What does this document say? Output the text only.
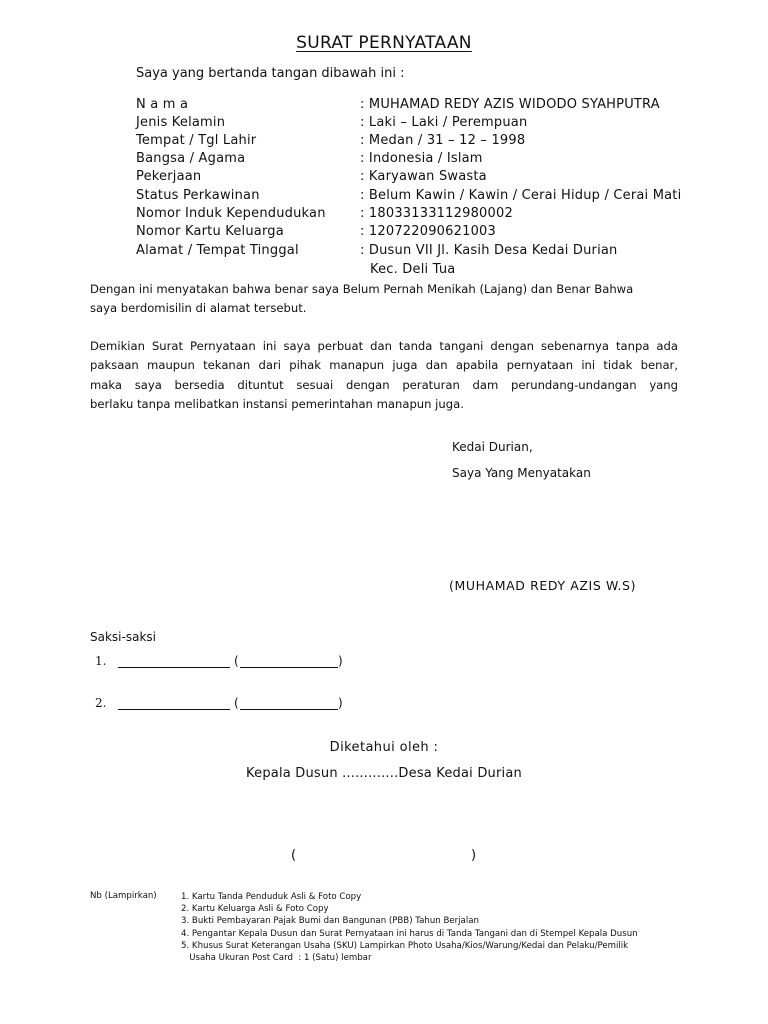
SURAT PERNYATAAN
Saya yang bertanda tangan dibawah ini :
N a m a	: MUHAMAD REDY AZIS WIDODO SYAHPUTRA
Jenis Kelamin	: Laki – Laki / Perempuan
Tempat / Tgl Lahir	: Medan / 31 – 12 – 1998
Bangsa / Agama	: Indonesia / Islam
Pekerjaan	: Karyawan Swasta
Status Perkawinan	: Belum Kawin / Kawin / Cerai Hidup / Cerai Mati
Nomor Induk Kependudukan	: 18033133112980002
Nomor Kartu Keluarga	: 120722090621003
Alamat / Tempat Tinggal	: Dusun VII Jl. Kasih Desa Kedai Durian
Kec. Deli Tua
Dengan ini menyatakan bahwa benar saya Belum Pernah Menikah (Lajang) dan Benar Bahwa
saya berdomisilin di alamat tersebut.
Demikian Surat Pernyataan ini saya perbuat dan tanda tangani dengan sebenarnya tanpa ada
paksaan maupun tekanan dari pihak manapun juga dan apabila pernyataan ini tidak benar,
maka saya bersedia dituntut sesuai dengan peraturan dam perundang-undangan yang
berlaku tanpa melibatkan instansi pemerintahan manapun juga.
Kedai Durian,
Saya Yang Menyatakan
(MUHAMAD REDY AZIS W.S)
Saksi-saksi
1.	(	)
2.	(	)
Diketahui oleh :
Kepala Dusun .............Desa Kedai Durian
(	)
Nb (Lampirkan)	1. Kartu Tanda Penduduk Asli & Foto Copy
2. Kartu Keluarga Asli & Foto Copy
3. Bukti Pembayaran Pajak Bumi dan Bangunan (PBB) Tahun Berjalan
4. Pengantar Kepala Dusun dan Surat Pernyataan ini harus di Tanda Tangani dan di Stempel Kepala Dusun
5. Khusus Surat Keterangan Usaha (SKU) Lampirkan Photo Usaha/Kios/Warung/Kedai dan Pelaku/Pemilik
Usaha Ukuran Post Card  : 1 (Satu) lembar
